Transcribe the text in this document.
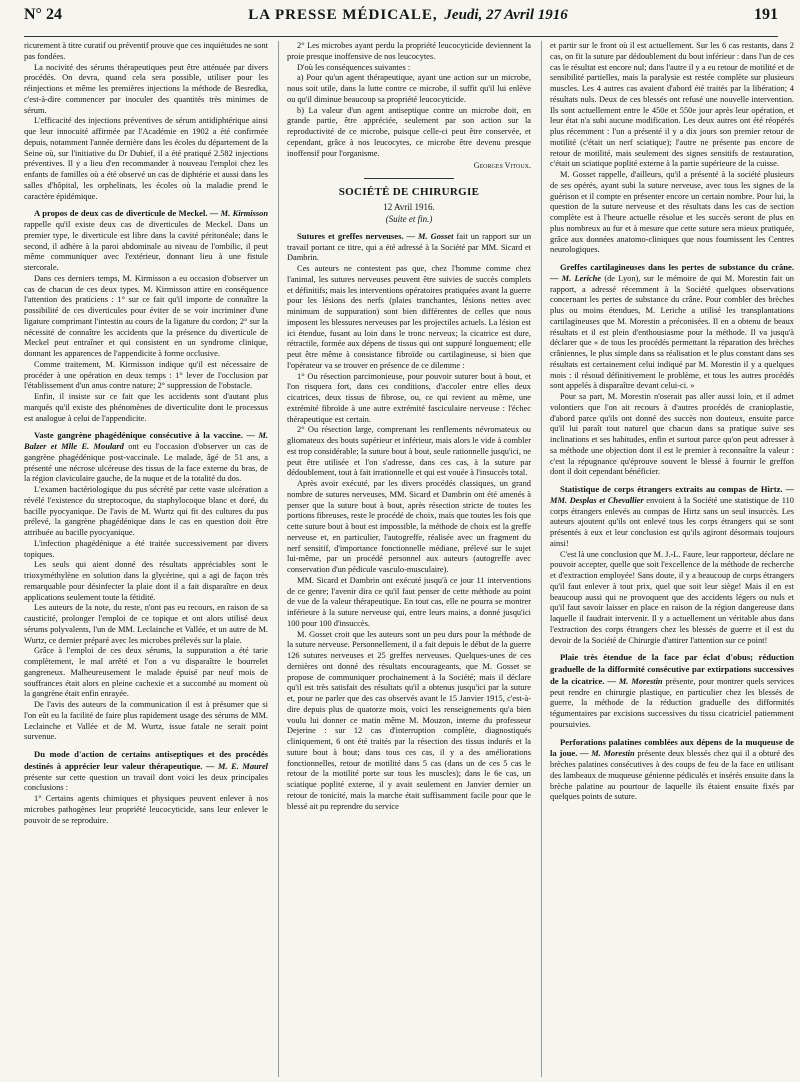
N° 24	LA PRESSE MÉDICALE, Jeudi, 27 Avril 1916	191

ricurement à titre curatif ou préventif prouve que ces inquiétudes ne sont pas fondées.

La nocivité des sérums thérapeutiques peut être atténuée par divers procédés. On devra, quand cela sera possible, utiliser pour les réinjections et même les premières injections la méthode de Besredka, c'est-à-dire commencer par inoculer des quantités très minimes de sérum.

L'efficacité des injections préventives de sérum antidiphtérique ainsi que leur innocuité affirmée par l'Académie en 1902 a été confirmée depuis, notamment l'année dernière dans les écoles du département de la Seine où, sur l'initiative du Dr Dubief, il a été pratiqué 2.582 injections préventives. Il y a lieu d'en recommander à nouveau l'emploi chez les enfants de familles où a été observé un cas de diphtérie et aussi dans les salles d'hôpital, les orphelinats, les écoles où la maladie prend le caractère épidémique.

A propos de deux cas de diverticule de Meckel. — M. Kirmisson rappelle qu'il existe deux cas de diverticules de Meckel. Dans un premier type, le diverticule est libre dans la cavité péritonéale; dans le second, il adhère à la paroi abdominale au niveau de l'ombilic, il peut même communiquer avec l'extérieur, donnant lieu à une fistule stercorale.

Dans ces derniers temps, M. Kirmisson a eu occasion d'observer un cas de chacun de ces deux types. M. Kirmisson attire en conséquence l'attention des praticiens : 1° sur ce fait qu'il importe de connaître la possibilité de ces diverticules pour éviter de se voir incriminer d'une ligature comprimant l'intestin au cours de la ligature du cordon; 2° sur la nécessité de connaître les accidents que la présence du diverticule de Meckel peut entraîner et qui consistent en un syndrome clinique, donnant les apparences de l'appendicite à forme occlusive.

Comme traitement, M. Kirmisson indique qu'il est nécessaire de procéder à une opération en deux temps : 1° lever de l'occlusion par l'établissement d'un anus contre nature; 2° suppression de l'obstacle.

Enfin, il insiste sur ce fait que les accidents sont d'autant plus marqués qu'il existe des phénomènes de diverticulite dont le processus est analogue à celui de l'appendicite.

Vaste gangrène phagédénique consécutive à la vaccine. — M. Balzer et Mlle E. Moulard ont eu l'occasion d'observer un cas de gangrène phagédénique post-vaccinale. Le malade, âgé de 51 ans, a présenté une nécrose ulcéreuse des tissus de la face externe du bras, de la région claviculaire gauche, de la nuque et de la totalité du dos.

L'examen bactériologique du pus sécrété par cette vaste ulcération a révélé l'existence du streptocoque, du staphylocoque blanc et doré, du bacille pyocyanique. De l'avis de M. Wurtz qui fit des cultures du pus prélevé, la gangrène phagédénique dans le cas en question doit être attribuée au bacille pyocyanique.

L'infection phagédénique a été traitée successivement par divers topiques.

Les seuls qui aient donné des résultats appréciables sont le trioxyméthylène en solution dans la glycérine, qui a agi de façon très remarquable pour désinfecter la plaie dont il a fait disparaître en deux applications seulement toute la fétidité.

Les auteurs de la note, du reste, n'ont pas eu recours, en raison de sa causticité, prolonger l'emploi de ce topique et ont alors utilisé deux sérums polyvalents, l'un de MM. Leclainche et Vallée, et un autre de M. Wurtz, ce dernier préparé avec les microbes prélevés sur la plaie.

Grâce à l'emploi de ces deux sérums, la suppuration a été tarie complètement, le mal arrêté et l'on a vu disparaître le bourrelet gangreneux. Malheureusement le malade épuisé par neuf mois de souffrances était alors en pleine cachexie et a succombé au moment où la gangrène était enfin enrayée.

De l'avis des auteurs de la communication il est à présumer que si l'on eût eu la facilité de faire plus rapidement usage des sérums de MM. Leclainche et Vallée et de M. Wurtz, issue fatale ne serait point survenue.

Du mode d'action de certains antiseptiques et des procédés destinés à apprécier leur valeur thérapeutique. — M. E. Maurel présente sur cette question un travail dont voici les deux principales conclusions :

1° Certains agents chimiques et physiques peuvent enlever à nos microbes pathogènes leur propriété leucocyticide, sans leur enlever le pouvoir de se reproduire.

2° Les microbes ayant perdu la propriété leucocyticide deviennent la proie presque inoffensive de nos leucocytes.

D'où les conséquences suivantes :

a) Pour qu'un agent thérapeutique, ayant une action sur un microbe, nous soit utile, dans la lutte contre ce microbe, il suffit qu'il lui enlève ou qu'il diminue beaucoup sa propriété leucocyticide.

b) La valeur d'un agent antiseptique contre un microbe doit, en grande partie, être appréciée, seulement par son action sur la reproductivité de ce microbe, puisque celle-ci peut être conservée, et cependant, grâce à nos leucocytes, ce microbe être devenu presque inoffensif pour l'organisme.

Georges Vitoux.
SOCIÉTÉ DE CHIRURGIE
12 Avril 1916.
(Suite et fin.)

Sutures et greffes nerveuses. — M. Gosset fait un rapport sur un travail portant ce titre, qui a été adressé à la Société par MM. Sicard et Dambrin.

Ces auteurs ne contestent pas que, chez l'homme comme chez l'animal, les sutures nerveuses peuvent être suivies de succès complets et définitifs; mais les interventions opératoires pratiquées avant la guerre pour les lésions des nerfs (plaies tranchantes, lésions nettes avec minimum de suppuration) sont bien différentes de celles que nous imposent les blessures nerveuses par les projectiles actuels. La lésion est ici étendue, fusant au loin dans le tronc nerveux; la cicatrice est dure, rétractile, formée aux dépens de tissus qui ont suppuré longuement; elle peut être même à consistance fibroïde ou cartilagineuse, si bien que l'opérateur va se trouver en présence de ce dilemme :

1° Ou résection parcimonieuse, pour pouvoir suturer bout à bout, et l'on risquera fort, dans ces conditions, d'accoler entre elles deux cicatrices, deux tissus de fibrose, ou, ce qui revient au même, une extrémité fibroïde à une autre extrémité fasciculaire nerveuse : l'échec thérapeutique est certain.

2° Ou résection large, comprenant les renflements névromateux ou gliomateux des bouts supérieur et inférieur, mais alors le vide à combler est trop considérable; la suture bout à bout, seule rationnelle jusqu'ici, ne peut être utilisée et l'on s'adresse, dans ces cas, à la suture par dédoublement, tout à fait irrationnelle et qui est vouée à l'insuccès total.

Après avoir exécuté, par les divers procédés classiques, un grand nombre de sutures nerveuses, MM. Sicard et Dambrin ont été amenés à penser que la suture bout à bout, après résection stricte de toutes les portions fibreuses, reste le procédé de choix, mais que toutes les fois que cette suture bout à bout est impossible, la méthode de choix est la greffe nerveuse et, en particulier, l'autogreffe, réalisée avec un fragment du nerf sensitif, d'importance fonctionnelle médiane, prélevé sur le sujet lui-même, par un procédé personnel aux auteurs (autogreffe avec conservation d'un pédicule vasculo-musculaire).

MM. Sicard et Dambrin ont exécuté jusqu'à ce jour 11 interventions de ce genre; l'avenir dira ce qu'il faut penser de cette méthode au point de vue de la valeur thérapeutique. En tout cas, elle ne pourra se montrer inférieure à la suture nerveuse qui, entre leurs mains, a donné jusqu'ici 100 pour 100 d'insuccès.

M. Gosset croit que les auteurs sont un peu durs pour la méthode de la suture nerveuse. Personnellement, il a fait depuis le début de la guerre 126 sutures nerveuses et 25 greffes nerveuses. Quelques-unes de ces dernières ont donné des résultats encourageants, que M. Gosset se propose de communiquer prochainement à la Société; mais il déclare qu'il est très satisfait des résultats qu'il a obtenus jusqu'ici par la suture et, pour ne parler que des cas observés avant le 15 Janvier 1915, c'est-à-dire depuis plus de quatorze mois, voici les renseignements qu'a bien voulu lui donner ce matin même M. Mouzon, interne du professeur Dejerine : sur 12 cas d'interruption complète, diagnostiqués cliniquement, 6 ont été traités par la résection des tissus indurés et la suture bout à bout; dans tous ces cas, il y a des améliorations fonctionnelles, retour de motilité dans 5 cas (dans un de ces 5 cas le retour de la motilité porte sur tous les muscles); dans le 6e cas, un sciatique poplité externe, il y avait seulement en Janvier dernier un retour de tonicité, mais la marche était suffisamment facile pour que le blessé ait pu reprendre du service

et partir sur le front où il est actuellement. Sur les 6 cas restants, dans 2 cas, on fit la suture par dédoublement du bout inférieur : dans l'un de ces cas le résultat est encore nul; dans l'autre il y a eu retour de motilité et de sensibilité partielles, mais la paralysie est restée complète sur plusieurs muscles. Les 4 autres cas avaient d'abord été traités par la libération; 4 résultats nuls. Deux de ces blessés ont refusé une nouvelle intervention. Ils sont actuellement entre le 450e et 550e jour après leur opération, et leur état n'a subi aucune modification. Les deux autres ont été réopérés plus récemment : l'un a présenté il y a dix jours son premier retour de motilité (c'était un nerf sciatique); l'autre ne présente pas encore de retour de motilité, mais seulement des signes sensitifs de restauration, c'était un sciatique poplité externe à la partie supérieure de la cuisse.

M. Gosset rappelle, d'ailleurs, qu'il a présenté à la société plusieurs de ses opérés, ayant subi la suture nerveuse, avec tous les signes de la guérison et il compte en présenter encore un certain nombre. Pour lui, la question de la suture nerveuse et des résultats dans les cas de section complète est à l'heure actuelle résolue et les succès seront de plus en plus nombreux au fur et à mesure que cette suture sera mieux pratiquée, grâce aux données anatomo-cliniques que nous fournissent les Centres neurologiques.

Greffes cartilagineuses dans les pertes de substance du crâne. — M. Leriche (de Lyon), sur le mémoire de qui M. Morestin fait un rapport, a adressé récemment à la Société quelques observations concernant les pertes de substance du crâne. Pour combler des brèches plus ou moins étendues, M. Leriche a utilisé les transplantations cartilagineuses que M. Morestin a préconisées. Il en a obtenu de beaux résultats et il est plein d'enthousiasme pour la méthode. Il va jusqu'à déclarer que « de tous les procédés permettant la réparation des brèches crâniennes, le plus simple dans sa réalisation et le plus constant dans ses résultats est certainement celui indiqué par M. Morestin il y a quelques mois : il résoud définitivement le problème, et tous les autres procédés sont appelés à disparaître devant celui-ci. »

Pour sa part, M. Morestin n'oserait pas aller aussi loin, et il admet volontiers que l'on ait recours à d'autres procédés de cranioplastie, d'abord parce qu'ils ont donné des succès non douteux, ensuite parce qu'il lui paraît tout naturel que chacun dans sa pratique suive ses inclinations et ses habitudes, enfin et surtout parce qu'on peut adresser à sa méthode une objection dont il est le premier à reconnaître la valeur : c'est la répugnance qu'éprouve souvent le blessé à fournir le greffon dont il doit cependant bénéficier.

Statistique de corps étrangers extraits au compas de Hirtz. — MM. Desplas et Chevallier envoient à la Société une statistique de 110 corps étrangers enlevés au compas de Hirtz sans un seul insuccès. Les auteurs ajoutent qu'ils ont enlevé tous les corps étrangers qui se sont présentés à eux et leur conclusion est qu'ils agiront désormais toujours ainsi!

C'est là une conclusion que M. J.-L. Faure, leur rapporteur, déclare ne pouvoir accepter, quelle que soit l'excellence de la méthode de recherche et d'extraction employée! Sans doute, il y a beaucoup de corps étrangers qu'il faut enlever à tout prix, quel que soit leur siège! Mais il en est beaucoup aussi qui ne provoquent que des accidents légers ou nuls et qu'il faut savoir laisser en place en raison de la région dangereuse dans laquelle il faudrait intervenir. Il y a actuellement un véritable abus dans l'extraction des corps étrangers chez les blessés de guerre et il est du devoir de la Société de Chirurgie d'attirer l'attention sur ce point!

Plaie très étendue de la face par éclat d'obus; réduction graduelle de la difformité consécutive par extirpations successives de la cicatrice. — M. Morestin présente, pour montrer quels services peut rendre en chirurgie plastique, en particulier chez les blessés de guerre, la méthode de la réduction graduelle des difformités tégumentaires par excisions successives du tissu cicatriciel patiemment poursuivies.

Perforations palatines comblées aux dépens de la muqueuse de la joue. — M. Morestin présente deux blessés chez qui il a obturé des brèches palatines consécutives à des coups de feu de la face en utilisant des lambeaux de muqueuse génienne pédiculés et insérés ensuite dans la brèche palatine au pourtour de laquelle ils étaient ensuite fixés par quelques points de suture.
